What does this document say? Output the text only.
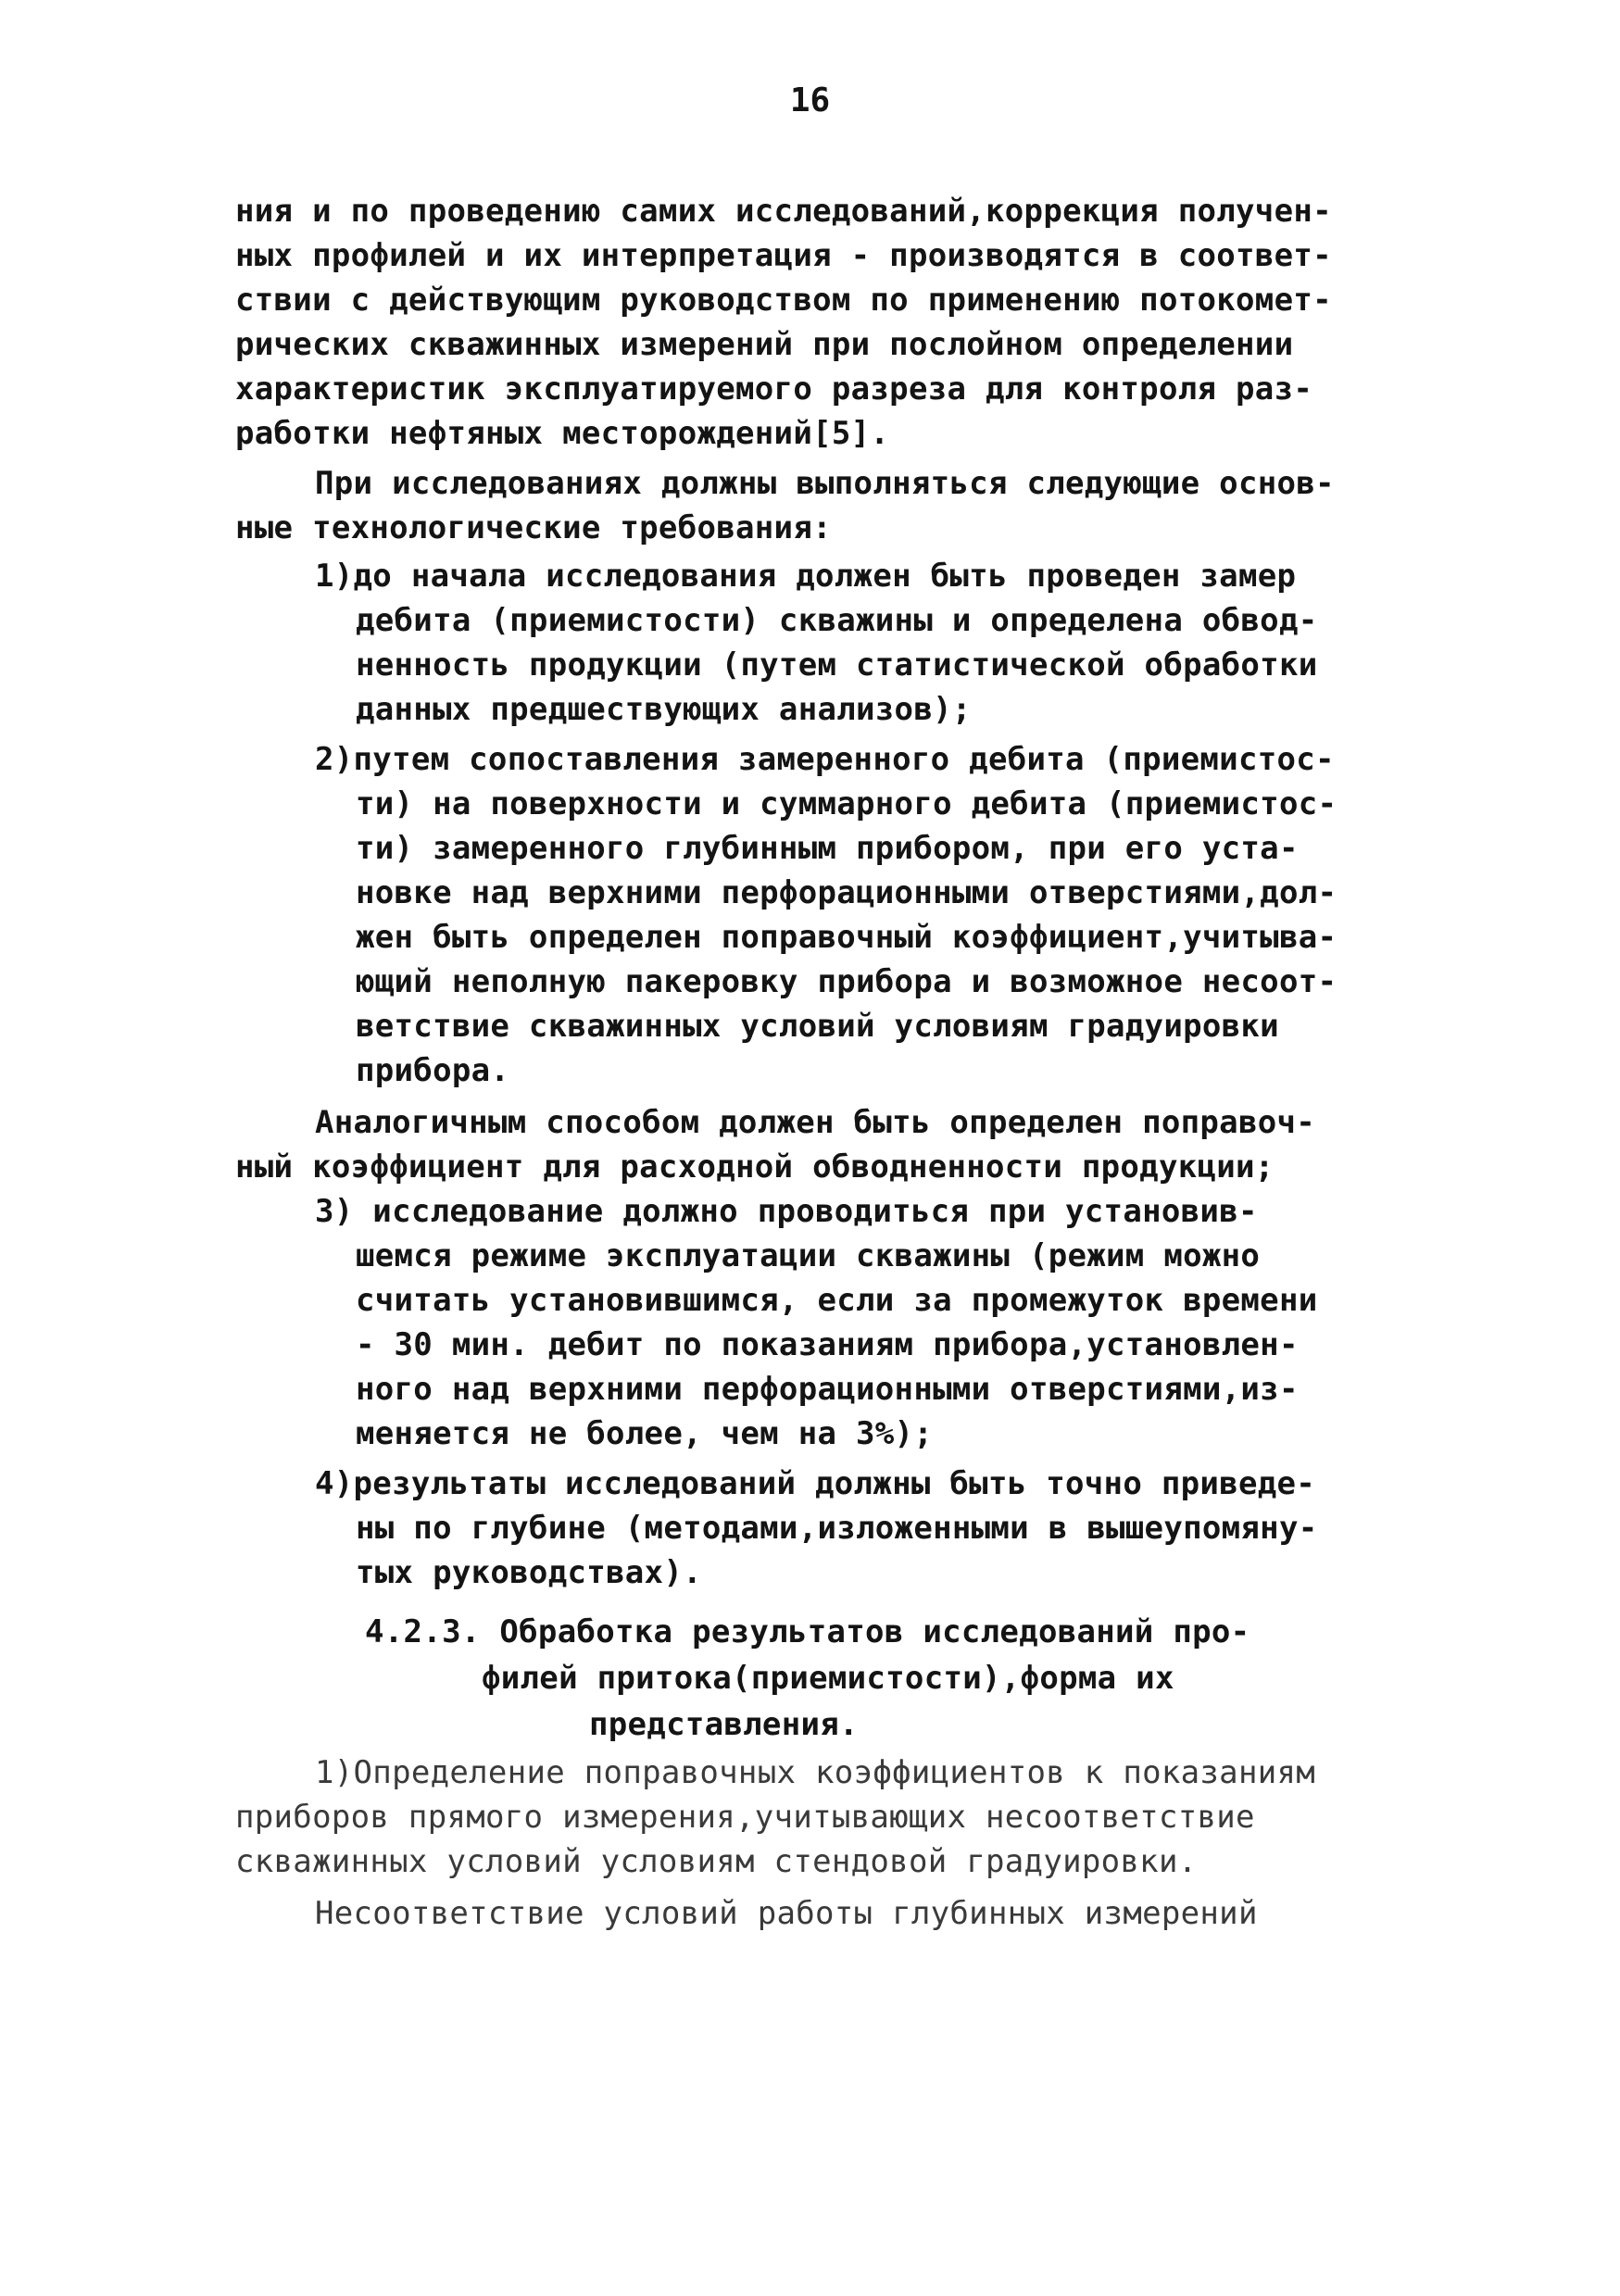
16
ния и по проведению самих исследований,коррекция получен-
ных профилей и их интерпретация - производятся в соответ-
ствии с действующим руководством по применению потокомет-
рических скважинных измерений при послойном определении
характеристик эксплуатируемого разреза для контроля раз-
работки нефтяных месторождений[5].
При исследованиях должны выполняться следующие основ-
ные технологические требования:
1)до начала исследования должен быть проведен замер
дебита (приемистости) скважины и определена обвод-
ненность продукции (путем статистической обработки
данных предшествующих анализов);
2)путем сопоставления замеренного дебита (приемистос-
ти) на поверхности и суммарного дебита (приемистос-
ти) замеренного глубинным прибором, при его уста-
новке над верхними перфорационными отверстиями,дол-
жен быть определен поправочный коэффициент,учитыва-
ющий неполную пакеровку прибора и возможное несоот-
ветствие скважинных условий условиям градуировки
прибора.
Аналогичным способом должен быть определен поправоч-
ный коэффициент для расходной обводненности продукции;
3) исследование должно проводиться при установив-
шемся режиме эксплуатации скважины (режим можно
считать установившимся, если за промежуток времени
- 30 мин. дебит по показаниям прибора,установлен-
ного над верхними перфорационными отверстиями,из-
меняется не более, чем на 3%);
4)результаты исследований должны быть точно приведе-
ны по глубине (методами,изложенными в вышеупомяну-
тых руководствах).
4.2.3. Обработка результатов исследований про-
филей притока(приемистости),форма их
представления.
1)Определение поправочных коэффициентов к показаниям
приборов прямого измерения,учитывающих несоответствие
скважинных условий условиям стендовой градуировки.
Несоответствие условий работы глубинных измерений
